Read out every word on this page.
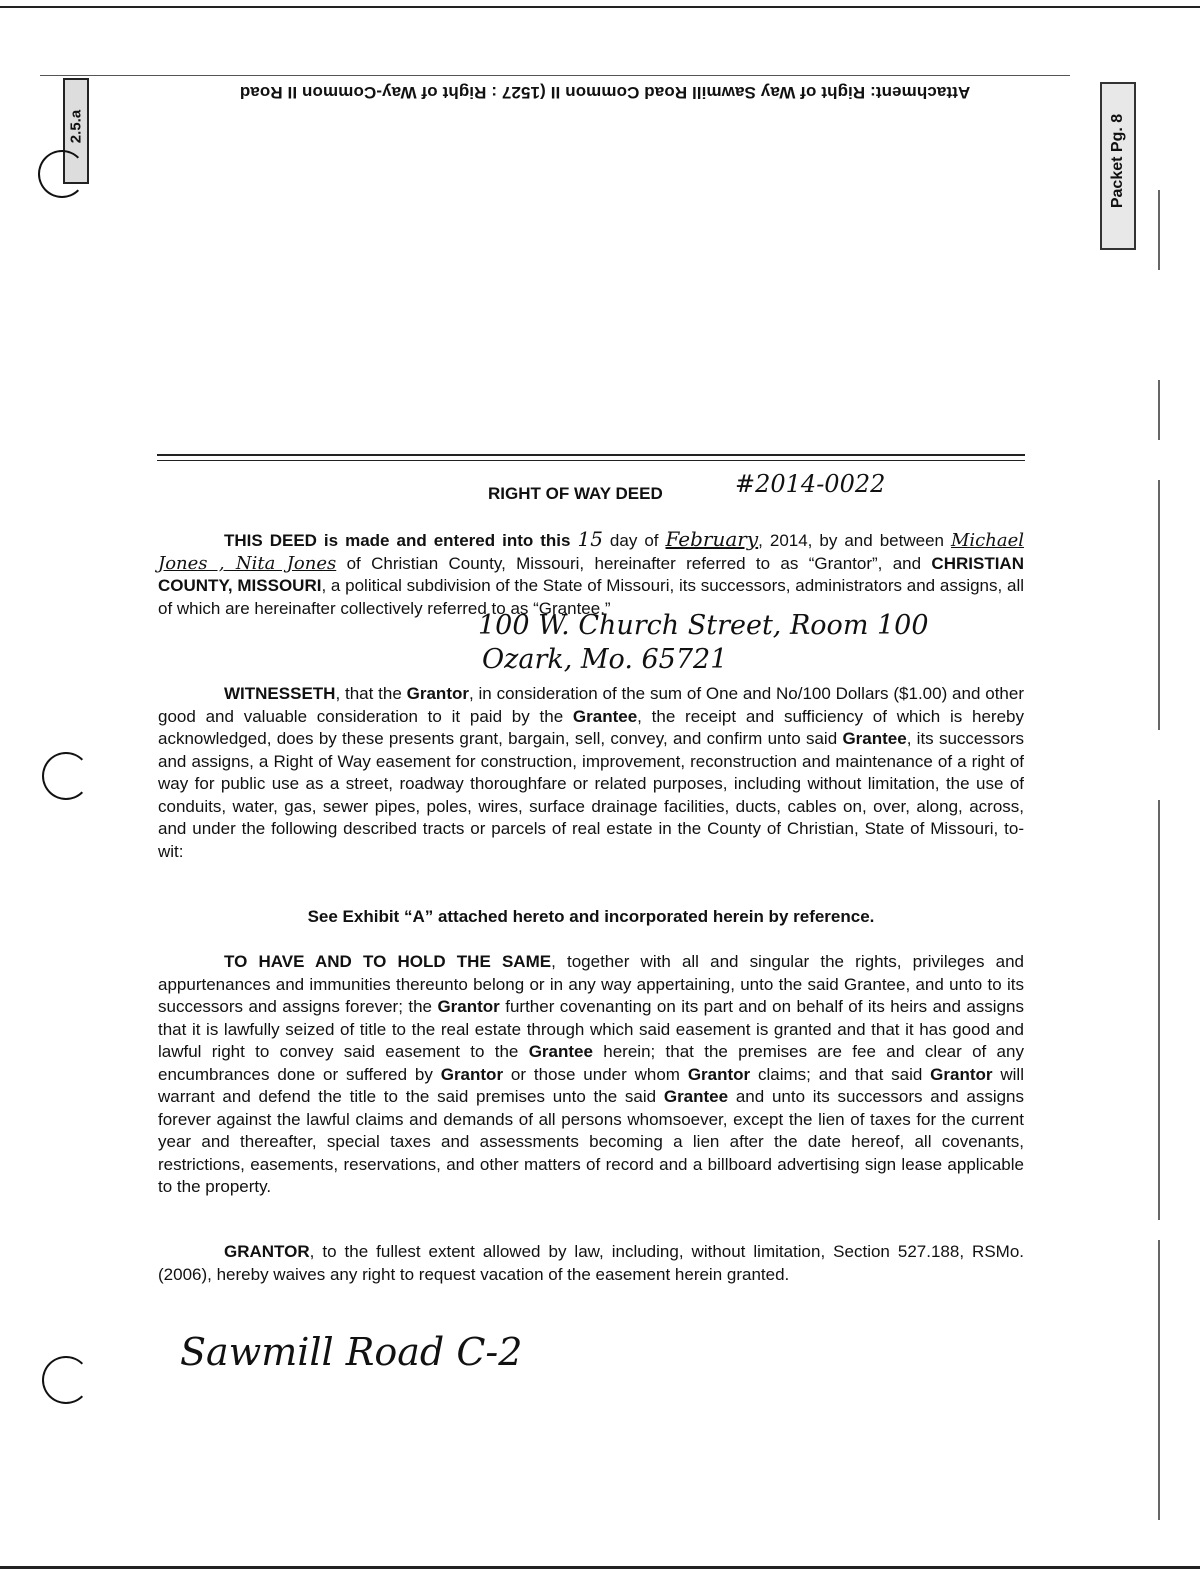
Attachment: Right of Way Sawmill Road Common II (1527 : Right of Way-Common II Road
2.5.a	Packet Pg. 8
RIGHT OF WAY DEED	#2014-0022
THIS DEED is made and entered into this 15 day of February, 2014, by and between Michael Jones , Nita Jones of Christian County, Missouri, hereinafter referred to as “Grantor”, and CHRISTIAN COUNTY, MISSOURI, a political subdivision of the State of Missouri, its successors, administrators and assigns, all of which are hereinafter collectively referred to as “Grantee.”
100 W. Church Street, Room 100
Ozark, Mo. 65721
WITNESSETH, that the Grantor, in consideration of the sum of One and No/100 Dollars ($1.00) and other good and valuable consideration to it paid by the Grantee, the receipt and sufficiency of which is hereby acknowledged, does by these presents grant, bargain, sell, convey, and confirm unto said Grantee, its successors and assigns, a Right of Way easement for construction, improvement, reconstruction and maintenance of a right of way for public use as a street, roadway thoroughfare or related purposes, including without limitation, the use of conduits, water, gas, sewer pipes, poles, wires, surface drainage facilities, ducts, cables on, over, along, across, and under the following described tracts or parcels of real estate in the County of Christian, State of Missouri, to-wit:
See Exhibit “A” attached hereto and incorporated herein by reference.
TO HAVE AND TO HOLD THE SAME, together with all and singular the rights, privileges and appurtenances and immunities thereunto belong or in any way appertaining, unto the said Grantee, and unto to its successors and assigns forever; the Grantor further covenanting on its part and on behalf of its heirs and assigns that it is lawfully seized of title to the real estate through which said easement is granted and that it has good and lawful right to convey said easement to the Grantee herein; that the premises are fee and clear of any encumbrances done or suffered by Grantor or those under whom Grantor claims; and that said Grantor will warrant and defend the title to the said premises unto the said Grantee and unto its successors and assigns forever against the lawful claims and demands of all persons whomsoever, except the lien of taxes for the current year and thereafter, special taxes and assessments becoming a lien after the date hereof, all covenants, restrictions, easements, reservations, and other matters of record and a billboard advertising sign lease applicable to the property.
GRANTOR, to the fullest extent allowed by law, including, without limitation, Section 527.188, RSMo. (2006), hereby waives any right to request vacation of the easement herein granted.
Sawmill Road C-2
